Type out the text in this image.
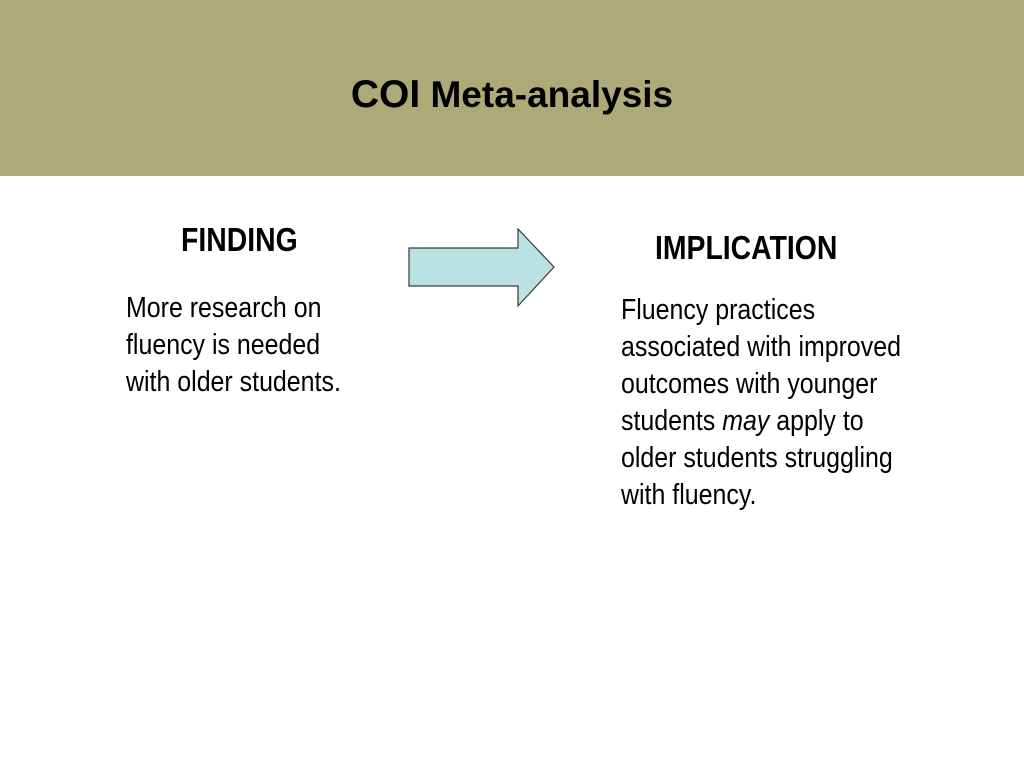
COI Meta-analysis
FINDING	IMPLICATION
More research on
fluency is needed
with older students.
Fluency practices
associated with improved
outcomes with younger
students may apply to
older students struggling
with fluency.
